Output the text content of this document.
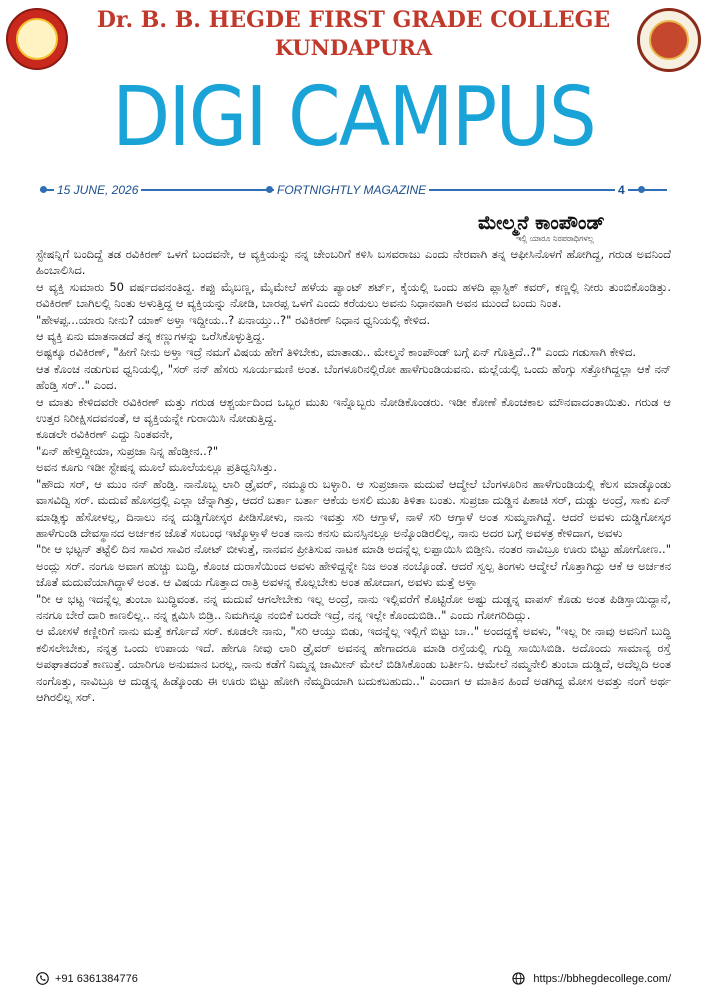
Dr. B. B. HEGDE FIRST GRADE COLLEGE
KUNDAPURA
DIGI CAMPUS
15 JUNE, 2026	FORTNIGHTLY MAGAZINE	4
ಮೇಲ್ಮನೆ ಕಾಂಪೌಂಡ್
ಇಲ್ಲಿ ಯಾರೂ ನಿರಪರಾಧಿಗಳಲ್ಲ

ಸ್ಟೇಷನ್ನಿಗೆ ಬಂದಿದ್ದೆ ತಡ ರವಿಕಿರಣ್ ಒಳಗೆ ಬಂದವನೇ, ಆ ವ್ಯಕ್ತಿಯನ್ನು ನನ್ನ ಚೇಂಬರಿಗೆ ಕಳಿಸಿ ಬಸವರಾಜು ಎಂದು ನೇರವಾಗಿ ತನ್ನ ಆಫೀಸಿನೊಳಗೆ ಹೋಗಿದ್ದ, ಗರುಡ ಅವನಿಂದೆ ಹಿಂಬಾಲಿಸಿದ.

ಆ ವ್ಯಕ್ತಿ ಸುಮಾರು 50 ವರ್ಷದವನಂತಿದ್ದ. ಕಪ್ಪು ಮೈಬಣ್ಣ, ಮೈಮೇಲೆ ಹಳೆಯ ಪ್ಯಾಂಟ್ ಶರ್ಟ್, ಕೈಯಲ್ಲಿ ಒಂದು ಹಳದಿ ಪ್ಲಾಸ್ಟಿಕ್ ಕವರ್, ಕಣ್ಣಲ್ಲಿ ನೀರು ತುಂಬಿಕೊಂಡಿತ್ತು. ರವಿಕಿರಣ್ ಬಾಗಿಲಲ್ಲಿ ನಿಂತು ಅಳುತ್ತಿದ್ದ ಆ ವ್ಯಕ್ತಿಯನ್ನು ನೋಡಿ, ಬಾರಪ್ಪ ಒಳಗೆ ಎಂದು ಕರೆಯಲು ಅವನು ನಿಧಾನವಾಗಿ ಅವನ ಮುಂದೆ ಬಂದು ನಿಂತ.

"ಹೇಳಪ್ಪ...ಯಾರು ನೀನು? ಯಾಕ್ ಅಳ್ತಾ ಇದ್ದೀಯ..? ಏನಾಯ್ತು..?" ರವಿಕಿರಣ್ ನಿಧಾನ ಧ್ವನಿಯಲ್ಲಿ ಕೇಳಿದ.

ಆ ವ್ಯಕ್ತಿ ಏನು ಮಾತನಾಡದೆ ತನ್ನ ಕಣ್ಣುಗಳನ್ನು ಒರೆಸಿಕೊಳ್ಳುತ್ತಿದ್ದ.

ಅಷ್ಟಕ್ಕೂ ರವಿಕಿರಣ್, "ಹೀಗೆ ನೀನು ಅಳ್ತಾ ಇದ್ರೆ ನಮಗೆ ವಿಷಯ ಹೇಗೆ ತಿಳಿಬೇಕು, ಮಾತಾಡು.. ಮೇಲ್ಮನೆ ಕಾಂಪೌಂಡ್ ಬಗ್ಗೆ ಏನ್ ಗೊತ್ತಿದೆ..?" ಎಂದು ಗಡುಸಾಗಿ ಕೇಳಿದ.

ಆತ ಕೊಂಚ ನಡುಗುವ ಧ್ವನಿಯಲ್ಲಿ, "ಸರ್ ನನ್ ಹೆಸರು ಸೂರ್ಯಮಣಿ ಅಂತ. ಬೆಂಗಳೂರಿನಲ್ಲಿರೋ ಹಾಳೆಗುಂಡಿಯವನು. ಮಲ್ಲೆಯಲ್ಲಿ ಒಂದು ಹೆಂಗ್ಸು ಸತ್ತೋಗಿದ್ದಲ್ಲಾ ಆಕೆ ನನ್ ಹೆಂಡ್ತಿ ಸರ್.." ಎಂದ.

ಆ ಮಾತು ಕೇಳಿದವರೇ ರವಿಕಿರಣ್ ಮತ್ತು ಗರುಡ ಆಶ್ಚರ್ಯದಿಂದ ಒಬ್ಬರ ಮುಖ ಇನ್ನೊಬ್ಬರು ನೋಡಿಕೊಂಡರು. ಇಡೀ ಕೋಣೆ ಕೊಂಚಕಾಲ ಮೌನವಾದಂತಾಯಿತು. ಗರುಡ ಆ ಉತ್ತರ ನಿರೀಕ್ಷಿಸದವನಂತೆ, ಆ ವ್ಯಕ್ತಿಯನ್ನೇ ಗುರಾಯಿಸಿ ನೋಡುತ್ತಿದ್ದ.

ಕೂಡಲೇ ರವಿಕಿರಣ್ ಎದ್ದು ನಿಂತವನೇ,

"ಏನ್ ಹೇಳ್ತಿದ್ದೀಯಾ, ಸುಪ್ರಜಾ ನಿನ್ನ ಹೆಂಡ್ತೀನ..?"

ಅವನ ಕೂಗು ಇಡೀ ಸ್ಟೇಷನ್ನ ಮೂಲೆ ಮೂಲೆಯಲ್ಲೂ ಪ್ರತಿಧ್ವನಿಸಿತ್ತು.

"ಹೌದು ಸರ್, ಆ ಮುಂ ನನ್ ಹೆಂಡ್ತಿ. ನಾನೊಬ್ಬ ಲಾರಿ ಡ್ರೈವರ್, ನಮ್ಮೂರು ಬಳ್ಳಾರಿ. ಆ ಸುಪ್ರಜಾನಾ ಮದುವೆ ಆದ್ಮೇಲೆ ಬೆಂಗಳೂರಿನ ಹಾಳೆಗುಂಡಿಯಲ್ಲಿ ಕೆಲಸ ಮಾಡ್ಕೊಂಡು ವಾಸವಿದ್ವಿ ಸರ್. ಮದುವೆ ಹೊಸದ್ರಲ್ಲಿ ಎಲ್ಲಾ ಚೆನ್ನಾಗಿತ್ತು, ಆದರೆ ಬರ್ತಾ ಬರ್ತಾ ಆಕೆಯ ಅಸಲಿ ಮುಖ ತಿಳಿತಾ ಬಂತು. ಸುಪ್ರಜಾ ದುಡ್ಡಿನ ಪಿಶಾಚಿ ಸರ್, ದುಡ್ಡು ಅಂದ್ರೆ, ಸಾಕು ಏನ್ ಮಾಡ್ಲಿಕ್ಕು ಹೆಸೋಳಲ್ಲ, ದಿನಾಲು ನನ್ನ ದುಡ್ಡಿಗೋಸ್ಕರ ಪೀಡಿಸೋಳು, ನಾನು ಇವತ್ತು ಸರಿ ಆಗ್ತಾಳೆ, ನಾಳೆ ಸರಿ ಆಗ್ತಾಳೆ ಅಂತ ಸುಮ್ಮನಾಗಿದ್ದೆ. ಆದರೆ ಅವಳು ದುಡ್ಡಿಗೋಸ್ಕರ ಹಾಳೆಗುಂಡಿ ದೇವಸ್ಥಾನದ ಅರ್ಚಕನ ಜೊತೆ ಸಂಬಂಧ ಇಟ್ಕೊಳ್ತಾಳೆ ಅಂತ ನಾನು ಕನಸು ಮನಸ್ಸಿನಲ್ಲೂ ಅನ್ಕೊಂಡಿರಲಿಲ್ಲ, ನಾನು ಅದರ ಬಗ್ಗೆ ಅವಳತ್ರ ಕೇಳಿದಾಗ, ಅವಳು

"ರೀ ಆ ಭಟ್ಟನ್ ತಟ್ಟೆಲಿ ದಿನ ಸಾವಿರ ಸಾವಿರ ನೋಟ್ ಬೀಳುತ್ತೆ, ನಾನವನ ಪ್ರೀತಿಸುವ ನಾಟಕ ಮಾಡಿ ಅದನ್ನೆಲ್ಲ ಲಪ್ಪಾಯಿಸಿ ಬಿಡ್ತೀನಿ. ನಂತರ ನಾವಿಬ್ರೂ ಊರು ಬಿಟ್ಟು ಹೋಗೋಣ.." ಅಂದ್ಲು ಸರ್. ನಂಗೂ ಅವಾಗ ಹುಚ್ಚು ಬುದ್ಧಿ, ಕೊಂಚ ದುರಾಸೆಯಿಂದ ಅವಳು ಹೇಳಿದ್ದನ್ನೇ ನಿಜ ಅಂತ ನಂಬ್ಕೊಂಡೆ. ಆದರೆ ಸ್ವಲ್ಪ ತಿಂಗಳು ಆದ್ಮೇಲೆ ಗೊತ್ತಾಗಿದ್ದು ಆಕೆ ಆ ಅರ್ಚಕನ ಜೊತೆ ಮದುವೆಯಾಗಿದ್ದಾಳೆ ಅಂತ. ಆ ವಿಷಯ ಗೊತ್ತಾದ ರಾತ್ರಿ ಅವಳನ್ನ ಕೊಲ್ಲಬೇಕು ಅಂತ ಹೋದಾಗ, ಅವಳು ಮತ್ತೆ ಅಳ್ತಾ

"ರೀ ಆ ಭಟ್ಟ ಇದನ್ನೆಲ್ಲ ತುಂಬಾ ಬುದ್ಧಿವಂತ. ನನ್ನ ಮದುವೆ ಆಗಲೇಬೇಕು ಇಲ್ಲ ಅಂದ್ರೆ, ನಾನು ಇಲ್ಲಿವರೆಗೆ ಕೊಟ್ಟಿರೋ ಅಷ್ಟು ದುಡ್ಡನ್ನ ವಾಪಸ್ ಕೊಡು ಅಂತ ಪಿಡಿಸ್ತಾಯಿದ್ದಾನೆ, ನನಗೂ ಬೇರೆ ದಾರಿ ಕಾಣಲಿಲ್ಲ.. ನನ್ನ ಕ್ಷಮಿಸಿ ಬಿಡ್ರಿ.. ನಿಮಗಿನ್ನೂ ನಂಬಿಕೆ ಬರದೇ ಇದ್ರೆ, ನನ್ನ ಇಲ್ಲೇ ಕೊಂದುಬಿಡಿ.." ಎಂದು ಗೋಗರಿದಿದ್ಲು.

ಆ ಮೋಸಳೆ ಕಣ್ಣೀರಿಗೆ ನಾನು ಮತ್ತೆ ಕರ್ಗೊದೆ ಸರ್. ಕೂಡಲೇ ನಾನು, "ಸರಿ ಆಯ್ತು ಬಿಡು, ಇದನ್ನೆಲ್ಲ ಇಲ್ಲಿಗೆ ಬಿಟ್ಟು ಬಾ.." ಅಂದದ್ದಕ್ಕೆ ಅವಳು, "ಇಲ್ಲ ರೀ ನಾವು ಅವನಿಗೆ ಬುದ್ಧಿ ಕಲಿಸಲೇಬೇಕು, ನನ್ನತ್ರ ಒಂದು ಉಪಾಯ ಇದೆ. ಹೇಗೂ ನೀವು ಲಾರಿ ಡ್ರೈವರ್ ಅವನನ್ನ ಹೇಗಾದರೂ ಮಾಡಿ ರಸ್ತೆಯಲ್ಲಿ ಗುದ್ದಿ ಸಾಯಿಸಿಬಿಡಿ. ಅದೊಂದು ಸಾಮಾನ್ಯ ರಸ್ತೆ ಅಪಘಾತದಂತೆ ಕಾಣುತ್ತೆ. ಯಾರಿಗೂ ಅನುಮಾನ ಬರಲ್ಲ, ನಾನು ಕಡೆಗೆ ನಿಮ್ಮನ್ನ ಜಾಮೀನ್ ಮೇಲೆ ಬಿಡಿಸಿಕೊಂಡು ಬರ್ತೀನಿ. ಆಮೇಲೆ ನಮ್ಮನೇಲಿ ತುಂಬಾ ದುಡ್ಡಿದೆ, ಅದೆಲ್ಲದಿ ಅಂತ ನಂಗೊತ್ತು, ನಾವಿಬ್ರೂ ಆ ದುಡ್ಡನ್ನ ಹಿಡ್ಕೊಂಡು ಈ ಊರು ಬಿಟ್ಟು ಹೋಗಿ ನೆಮ್ಮದಿಯಾಗಿ ಬದುಕಬಹುದು.." ಎಂದಾಗ ಆ ಮಾತಿನ ಹಿಂದೆ ಅಡಗಿದ್ದ ಮೋಸ ಅವತ್ತು ನಂಗೆ ಅರ್ಥ ಆಗಿರಲಿಲ್ಲ ಸರ್.

+91 6361384776	https://bbhegdecollege.com/
